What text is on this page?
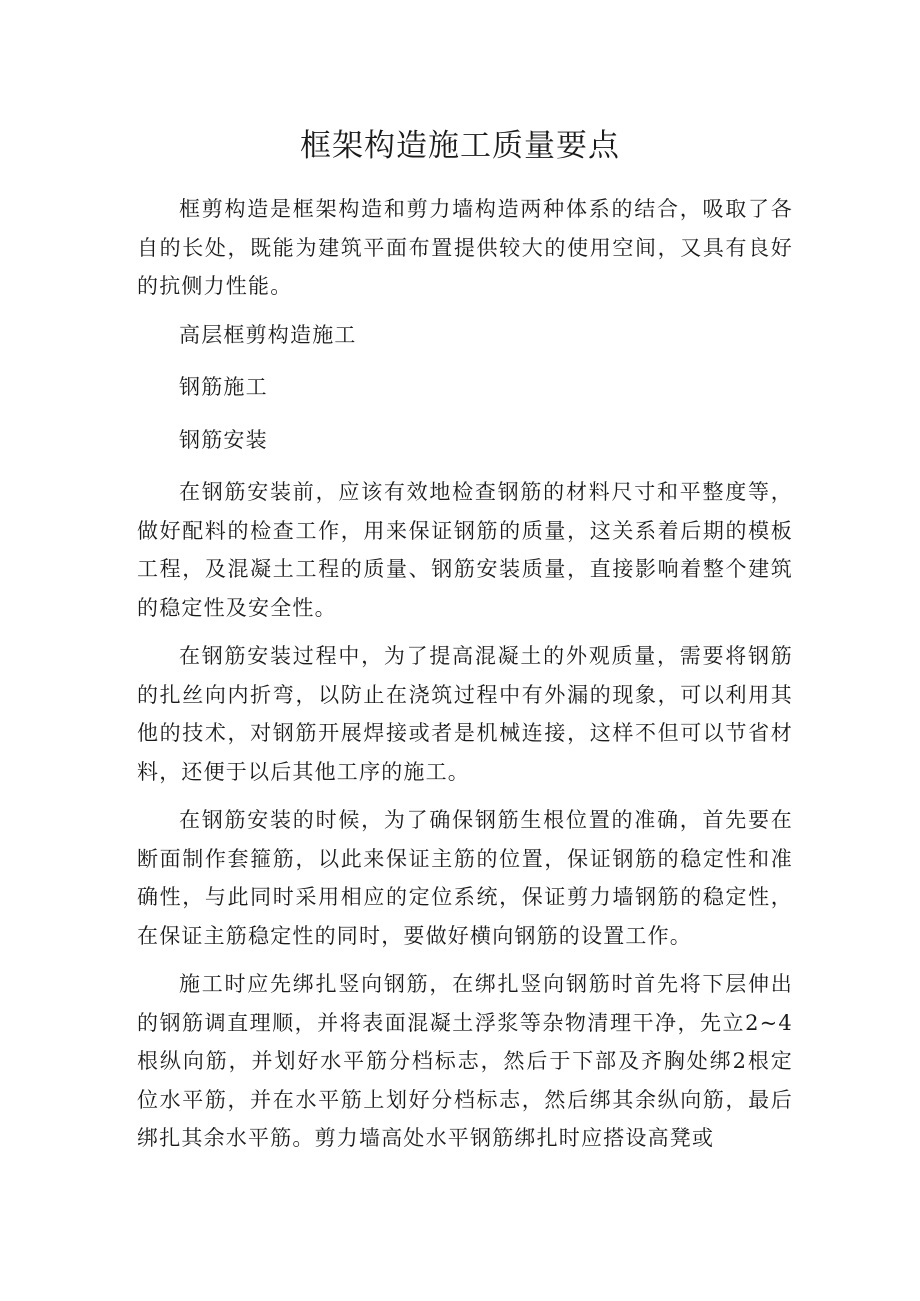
框架构造施工质量要点

框剪构造是框架构造和剪力墙构造两种体系的结合，吸取了各自的长处，既能为建筑平面布置提供较大的使用空间，又具有良好的抗侧力性能。

高层框剪构造施工

钢筋施工

钢筋安装

在钢筋安装前，应该有效地检查钢筋的材料尺寸和平整度等，做好配料的检查工作，用来保证钢筋的质量，这关系着后期的模板工程，及混凝土工程的质量、钢筋安装质量，直接影响着整个建筑的稳定性及安全性。

在钢筋安装过程中，为了提高混凝土的外观质量，需要将钢筋的扎丝向内折弯，以防止在浇筑过程中有外漏的现象，可以利用其他的技术，对钢筋开展焊接或者是机械连接，这样不但可以节省材料，还便于以后其他工序的施工。

在钢筋安装的时候，为了确保钢筋生根位置的准确，首先要在断面制作套箍筋，以此来保证主筋的位置，保证钢筋的稳定性和准确性，与此同时采用相应的定位系统，保证剪力墙钢筋的稳定性，在保证主筋稳定性的同时，要做好横向钢筋的设置工作。

施工时应先绑扎竖向钢筋，在绑扎竖向钢筋时首先将下层伸出的钢筋调直理顺，并将表面混凝土浮浆等杂物清理干净，先立2~4根纵向筋，并划好水平筋分档标志，然后于下部及齐胸处绑2根定位水平筋，并在水平筋上划好分档标志，然后绑其余纵向筋，最后绑扎其余水平筋。剪力墙高处水平钢筋绑扎时应搭设高凳或
